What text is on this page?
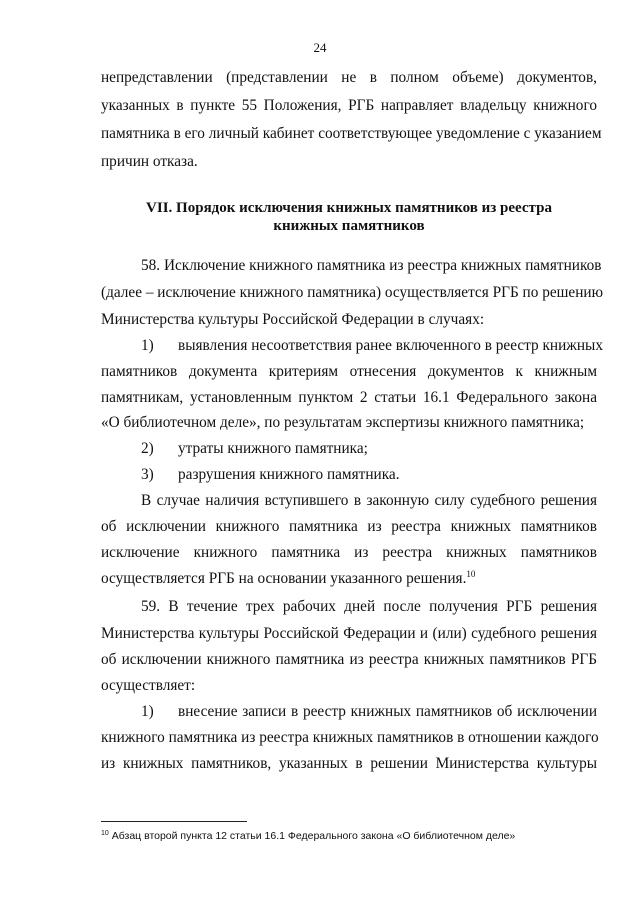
24
непредставлении (представлении не в полном объеме) документов,
указанных в пункте 55 Положения, РГБ направляет владельцу книжного
памятника в его личный кабинет соответствующее уведомление с указанием
причин отказа.
VII. Порядок исключения книжных памятников из реестра
книжных памятников
58. Исключение книжного памятника из реестра книжных памятников
(далее – исключение книжного памятника) осуществляется РГБ по решению
Министерства культуры Российской Федерации в случаях:
1) выявления несоответствия ранее включенного в реестр книжных
памятников документа критериям отнесения документов к книжным
памятникам, установленным пунктом 2 статьи 16.1 Федерального закона
«О библиотечном деле», по результатам экспертизы книжного памятника;
2) утраты книжного памятника;
3) разрушения книжного памятника.
В случае наличия вступившего в законную силу судебного решения
об исключении книжного памятника из реестра книжных памятников
исключение книжного памятника из реестра книжных памятников
осуществляется РГБ на основании указанного решения.$^{10}$
59. В течение трех рабочих дней после получения РГБ решения
Министерства культуры Российской Федерации и (или) судебного решения
об исключении книжного памятника из реестра книжных памятников РГБ
осуществляет:
1) внесение записи в реестр книжных памятников об исключении
книжного памятника из реестра книжных памятников в отношении каждого
из книжных памятников, указанных в решении Министерства культуры
$^{10}$ Абзац второй пункта 12 статьи 16.1 Федерального закона «О библиотечном деле»
